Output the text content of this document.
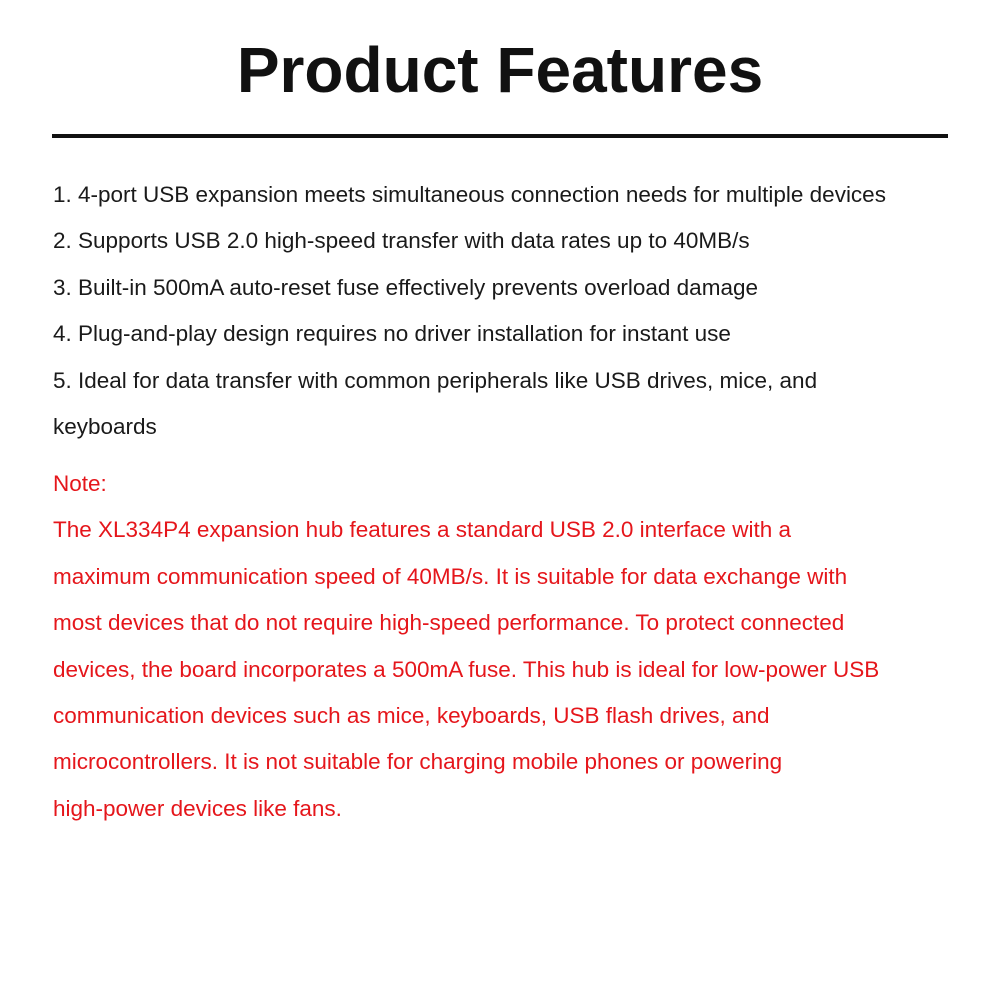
Product Features
1. 4-port USB expansion meets simultaneous connection needs for multiple devices
2. Supports USB 2.0 high-speed transfer with data rates up to 40MB/s
3. Built-in 500mA auto-reset fuse effectively prevents overload damage
4. Plug-and-play design requires no driver installation for instant use
5. Ideal for data transfer with common peripherals like USB drives, mice, and keyboards
Note:
The XL334P4 expansion hub features a standard USB 2.0 interface with a
maximum communication speed of 40MB/s. It is suitable for data exchange with
most devices that do not require high-speed performance. To protect connected
devices, the board incorporates a 500mA fuse. This hub is ideal for low-power USB
communication devices such as mice, keyboards, USB flash drives, and
microcontrollers. It is not suitable for charging mobile phones or powering
high-power devices like fans.
